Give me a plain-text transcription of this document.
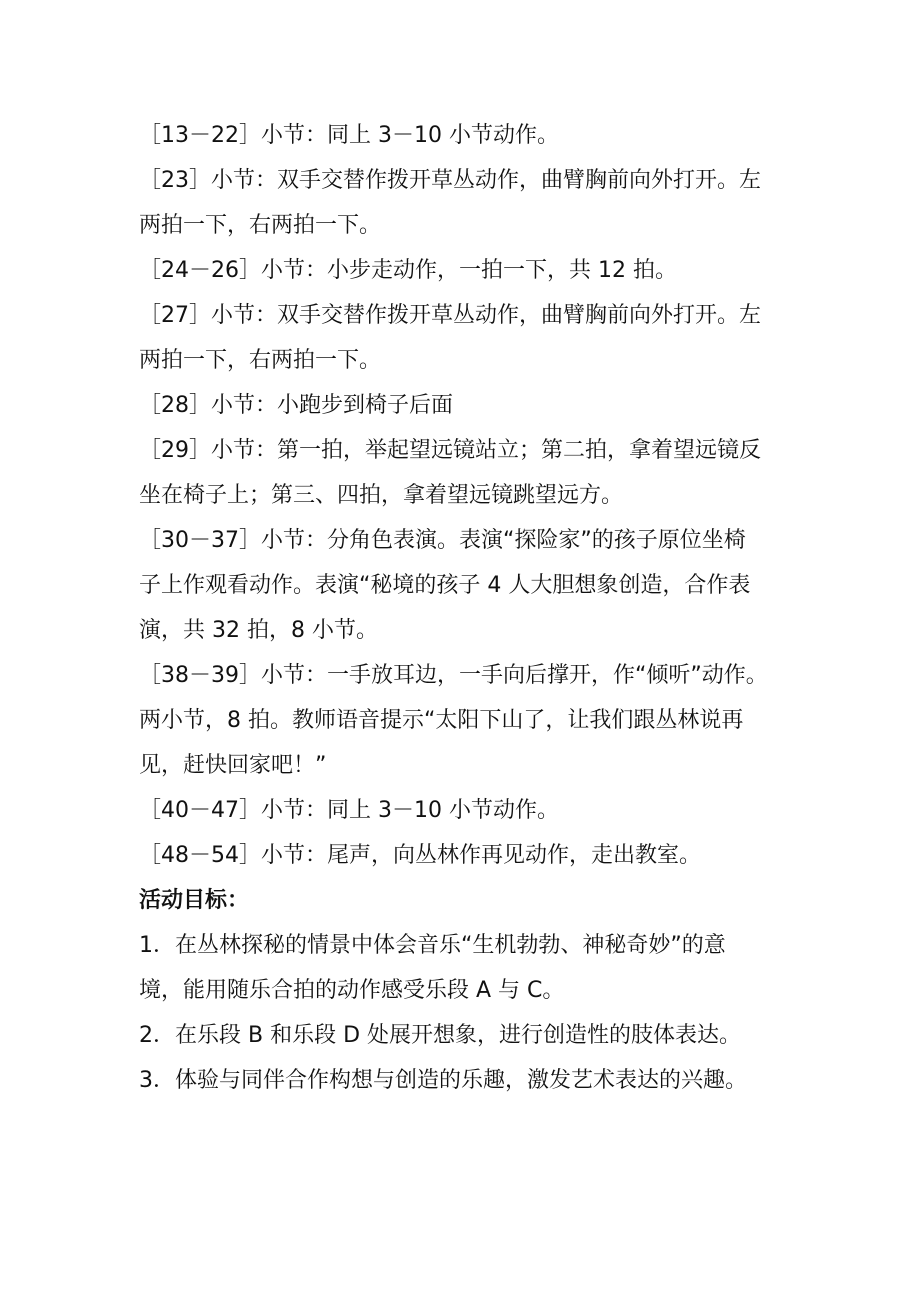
［13－22］小节：同上 3－10 小节动作。

［23］小节：双手交替作拨开草丛动作，曲臂胸前向外打开。左
两拍一下，右两拍一下。

［24－26］小节：小步走动作，一拍一下，共 12 拍。

［27］小节：双手交替作拨开草丛动作，曲臂胸前向外打开。左
两拍一下，右两拍一下。

［28］小节：小跑步到椅子后面

［29］小节：第一拍，举起望远镜站立；第二拍，拿着望远镜反
坐在椅子上；第三、四拍，拿着望远镜跳望远方。

［30－37］小节：分角色表演。表演“探险家”的孩子原位坐椅
子上作观看动作。表演“秘境的孩子 4 人大胆想象创造，合作表
演，共 32 拍，8 小节。

［38－39］小节：一手放耳边，一手向后撑开，作“倾听”动作。
两小节，8 拍。教师语音提示“太阳下山了，让我们跟丛林说再
见，赶快回家吧！”

［40－47］小节：同上 3－10 小节动作。

［48－54］小节：尾声，向丛林作再见动作，走出教室。

活动目标：

1．在丛林探秘的情景中体会音乐“生机勃勃、神秘奇妙”的意
境，能用随乐合拍的动作感受乐段 A 与 C。

2．在乐段 B 和乐段 D 处展开想象，进行创造性的肢体表达。

3．体验与同伴合作构想与创造的乐趣，激发艺术表达的兴趣。
